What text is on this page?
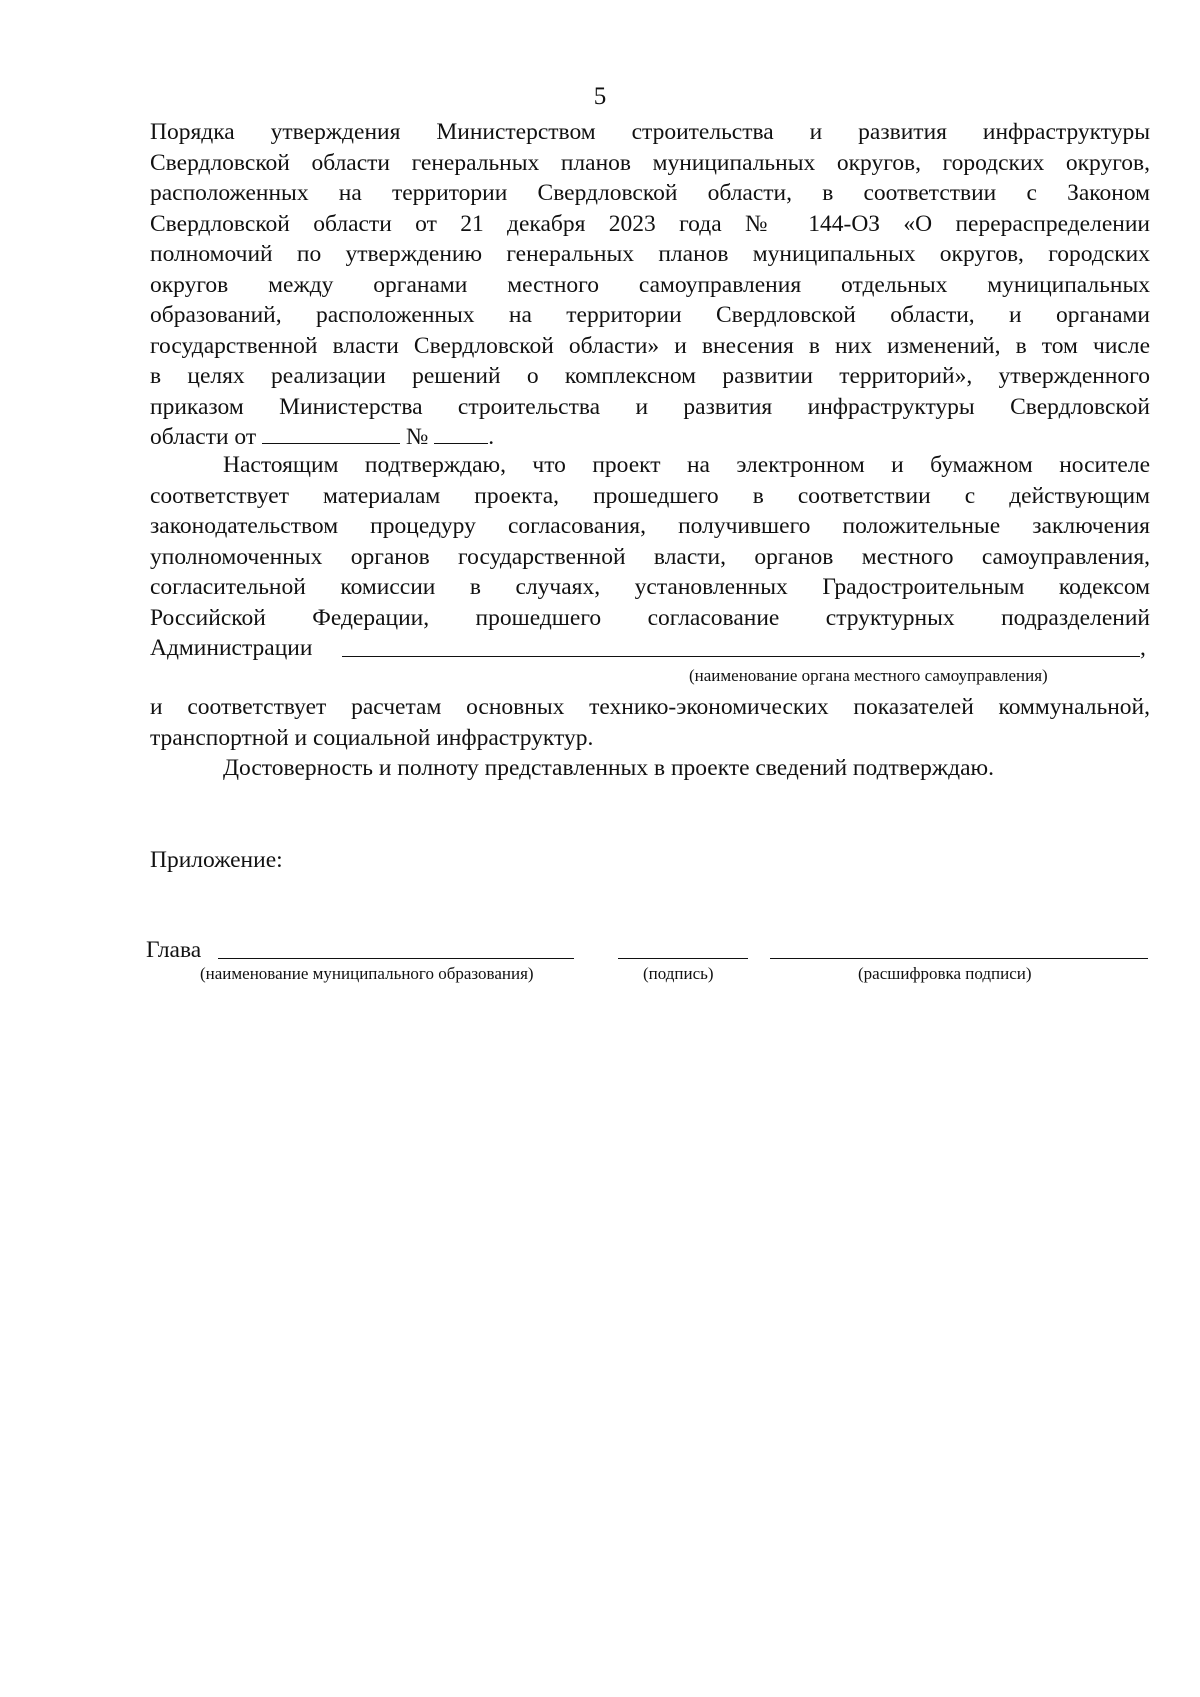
5
Порядка утверждения Министерством строительства и развития инфраструктуры
Свердловской области генеральных планов муниципальных округов, городских округов,
расположенных на территории Свердловской области, в соответствии с Законом
Свердловской области от 21 декабря 2023 года № 144-ОЗ «О перераспределении
полномочий по утверждению генеральных планов муниципальных округов, городских
округов между органами местного самоуправления отдельных муниципальных
образований, расположенных на территории Свердловской области, и органами
государственной власти Свердловской области» и внесения в них изменений, в том числе
в целях реализации решений о комплексном развитии территорий», утвержденного
приказом Министерства строительства и развития инфраструктуры Свердловской
области от	№	.
Настоящим подтверждаю, что проект на электронном и бумажном носителе
соответствует материалам проекта, прошедшего в соответствии с действующим
законодательством процедуру согласования, получившего положительные заключения
уполномоченных органов государственной власти, органов местного самоуправления,
согласительной комиссии в случаях, установленных Градостроительным кодексом
Российской Федерации, прошедшего согласование структурных подразделений
Администрации	,
(наименование органа местного самоуправления)
и соответствует расчетам основных технико-экономических показателей коммунальной,
транспортной и социальной инфраструктур.
Достоверность и полноту представленных в проекте сведений подтверждаю.
Приложение:
Глава
(наименование муниципального образования)	(подпись)	(расшифровка подписи)
